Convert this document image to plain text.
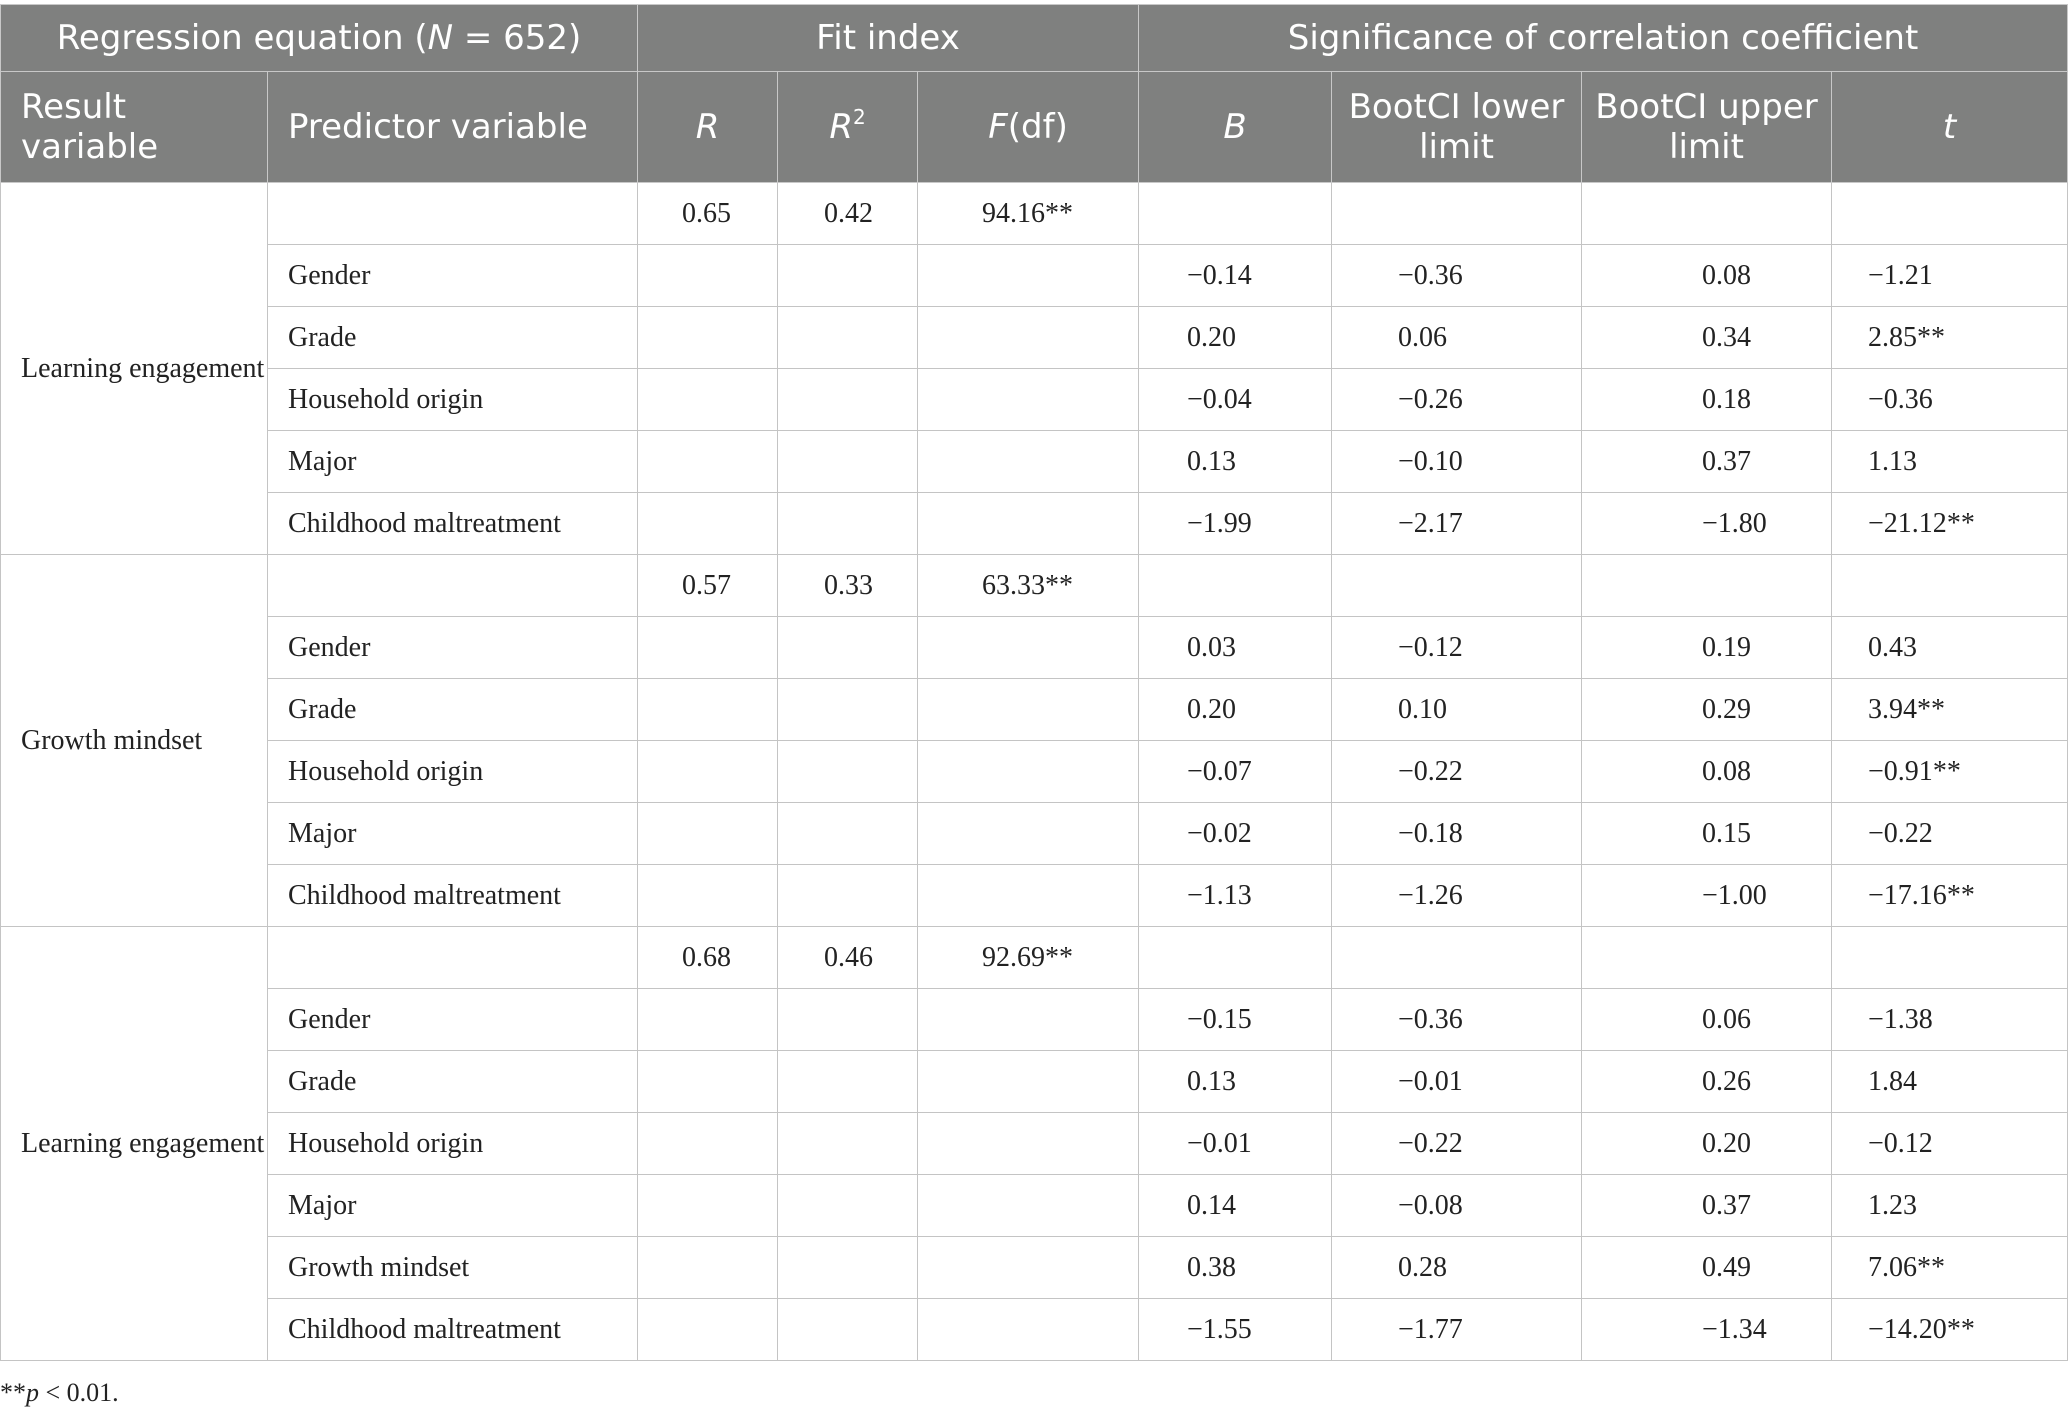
Regression equation (N = 652)		Fit index			Significance of correlation coefficient			
Result variable	Predictor variable	R	$R^2$	F(df)	B	BootCI lower limit	BootCI upper limit	t
Learning engagement		0.65	0.42	94.16**				
	Gender				−0.14	−0.36	0.08	−1.21
	Grade				0.20	0.06	0.34	2.85**
	Household origin				−0.04	−0.26	0.18	−0.36
	Major				0.13	−0.10	0.37	1.13
	Childhood maltreatment				−1.99	−2.17	−1.80	−21.12**
Growth mindset		0.57	0.33	63.33**				
	Gender				0.03	−0.12	0.19	0.43
	Grade				0.20	0.10	0.29	3.94**
	Household origin				−0.07	−0.22	0.08	−0.91**
	Major				−0.02	−0.18	0.15	−0.22
	Childhood maltreatment				−1.13	−1.26	−1.00	−17.16**
Learning engagement		0.68	0.46	92.69**				
	Gender				−0.15	−0.36	0.06	−1.38
	Grade				0.13	−0.01	0.26	1.84
	Household origin				−0.01	−0.22	0.20	−0.12
	Major				0.14	−0.08	0.37	1.23
	Growth mindset				0.38	0.28	0.49	7.06**
	Childhood maltreatment				−1.55	−1.77	−1.34	−14.20**
**p < 0.01.
